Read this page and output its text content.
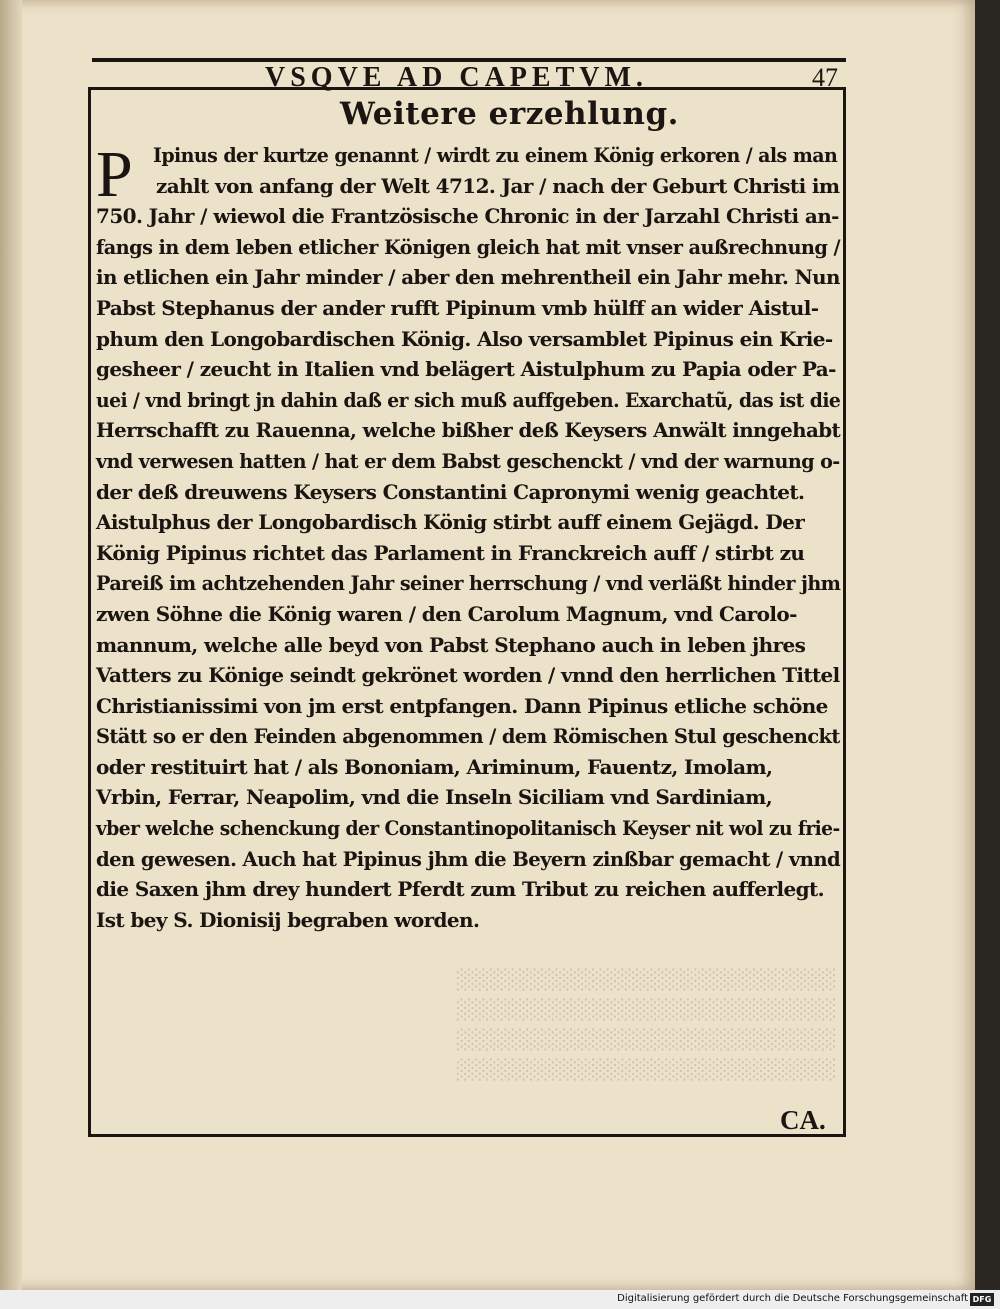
VSQVE AD CAPETVM.	47
Weitere erzehlung.
P	Ipinus der kurtze genannt / wirdt zu einem König erkoren / als man
zahlt von anfang der Welt 4712. Jar / nach der Geburt Christi im
750. Jahr / wiewol die Frantzösische Chronic in der Jarzahl Christi an-
fangs in dem leben etlicher Königen gleich hat mit vnser außrechnung /
in etlichen ein Jahr minder / aber den mehrentheil ein Jahr mehr. Nun
Pabst Stephanus der ander rufft Pipinum vmb hülff an wider Aistul-
phum den Longobardischen König. Also versamblet Pipinus ein Krie-
gesheer / zeucht in Italien vnd belägert Aistulphum zu Papia oder Pa-
uei / vnd bringt jn dahin daß er sich muß auffgeben. Exarchatũ, das ist die
Herrschafft zu Rauenna, welche bißher deß Keysers Anwält inngehabt
vnd verwesen hatten / hat er dem Babst geschenckt / vnd der warnung o-
der deß dreuwens Keysers Constantini Capronymi wenig geachtet.
Aistulphus der Longobardisch König stirbt auff einem Gejägd. Der
König Pipinus richtet das Parlament in Franckreich auff / stirbt zu
Pareiß im achtzehenden Jahr seiner herrschung / vnd verläßt hinder jhm
zwen Söhne die König waren / den Carolum Magnum, vnd Carolo-
mannum, welche alle beyd von Pabst Stephano auch in leben jhres
Vatters zu Könige seindt gekrönet worden / vnnd den herrlichen Tittel
Christianissimi von jm erst entpfangen. Dann Pipinus etliche schöne
Stätt so er den Feinden abgenommen / dem Römischen Stul geschenckt
oder restituirt hat / als Bononiam, Ariminum, Fauentz, Imolam,
Vrbin, Ferrar, Neapolim, vnd die Inseln Siciliam vnd Sardiniam,
vber welche schenckung der Constantinopolitanisch Keyser nit wol zu frie-
den gewesen. Auch hat Pipinus jhm die Beyern zinßbar gemacht / vnnd
die Saxen jhm drey hundert Pferdt zum Tribut zu reichen aufferlegt.
Ist bey S. Dionisij begraben worden.
░░░░░░░░░░░░░░░░░░░░░░░░░░
░░░░░░░░░░░░░░░░░░░░░░░░░░
░░░░░░░░░░░░░░░░░░░░░░░░░░
░░░░░░░░░░░░░░░░░░░░░░░░░░
CA.
Digitalisierung gefördert durch die Deutsche Forschungsgemeinschaft DFG
